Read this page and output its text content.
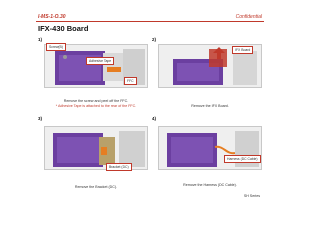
I-MS-1-O.30	Confidential
IFX-430 Board
1)
Screw(B)
Adhesive Tape
FFC
Remove the screw and peel off the FFC.
* Adhesive Tape is attached to the rear of the FFC.
2)
IFX Board
Remove the IFX Board.
3)
Bracket (DC)
Remove the Bracket (DC).
4)
Harness (DC Cable)
Remove the Harness (DC Cable).
SH Series
